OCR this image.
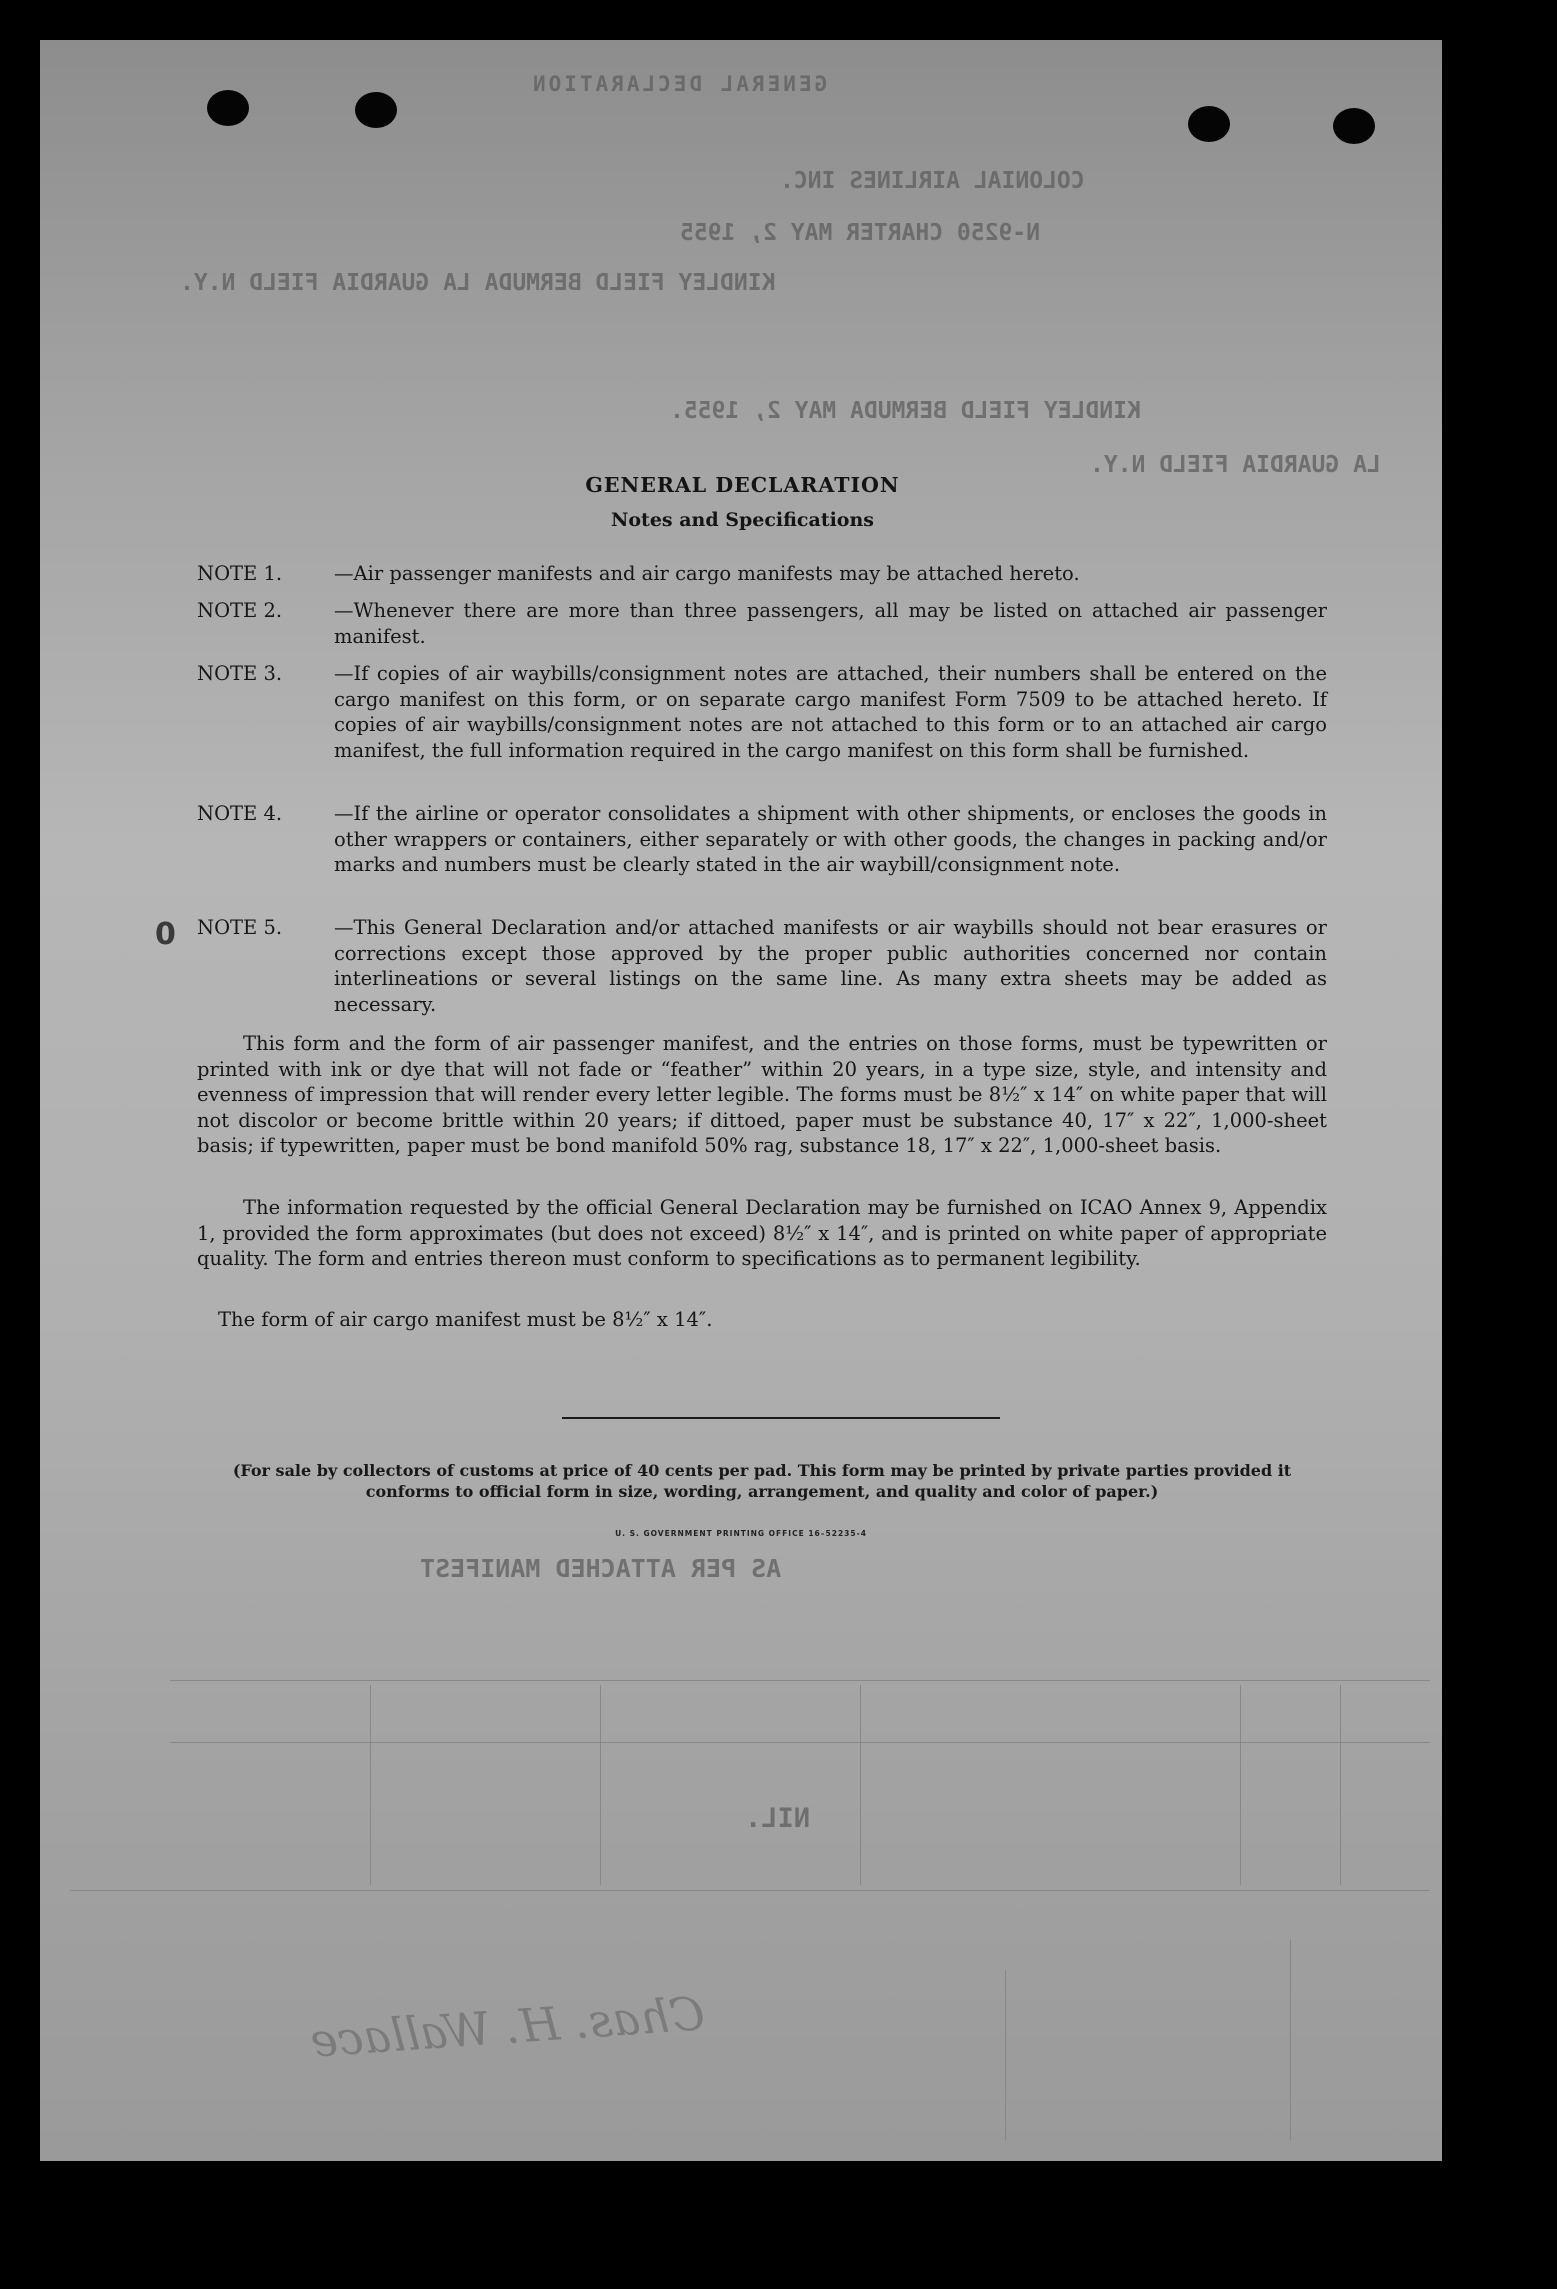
GENERAL DECLARATION
COLONIAL AIRLINES INC.
N-9250 CHARTER MAY 2, 1955
KINDLEY FIELD BERMUDA LA GUARDIA FIELD N.Y.
KINDLEY FIELD BERMUDA MAY 2, 1955.
LA GUARDIA FIELD N.Y.
AS PER ATTACHED MANIFEST
NIL.
Chas. H. Wallace
GENERAL DECLARATION
Notes and Specifications
0
NOTE 1.	—Air passenger manifests and air cargo manifests may be attached hereto.
NOTE 2.	—Whenever there are more than three passengers, all may be listed on attached air passenger manifest.
NOTE 3.	—If copies of air waybills/consignment notes are attached, their numbers shall be entered on the cargo manifest on this form, or on separate cargo manifest Form 7509 to be attached hereto. If copies of air waybills/consignment notes are not attached to this form or to an attached air cargo manifest, the full information required in the cargo manifest on this form shall be furnished.
NOTE 4.	—If the airline or operator consolidates a shipment with other shipments, or encloses the goods in other wrappers or containers, either separately or with other goods, the changes in packing and/or marks and numbers must be clearly stated in the air waybill/consignment note.
NOTE 5.	—This General Declaration and/or attached manifests or air waybills should not bear erasures or corrections except those approved by the proper public authorities concerned nor contain interlineations or several listings on the same line. As many extra sheets may be added as necessary.
This form and the form of air passenger manifest, and the entries on those forms, must be typewritten or printed with ink or dye that will not fade or “feather” within 20 years, in a type size, style, and intensity and evenness of impression that will render every letter legible. The forms must be 8½″ x 14″ on white paper that will not discolor or become brittle within 20 years; if dittoed, paper must be substance 40, 17″ x 22″, 1,000-sheet basis; if typewritten, paper must be bond manifold 50% rag, substance 18, 17″ x 22″, 1,000-sheet basis.
The information requested by the official General Declaration may be furnished on ICAO Annex 9, Appendix 1, provided the form approximates (but does not exceed) 8½″ x 14″, and is printed on white paper of appropriate quality. The form and entries thereon must conform to specifications as to permanent legibility.
The form of air cargo manifest must be 8½″ x 14″.
(For sale by collectors of customs at price of 40 cents per pad. This form may be printed by private parties provided it conforms to official form in size, wording, arrangement, and quality and color of paper.)
U. S. GOVERNMENT PRINTING OFFICE 16–52235-4
